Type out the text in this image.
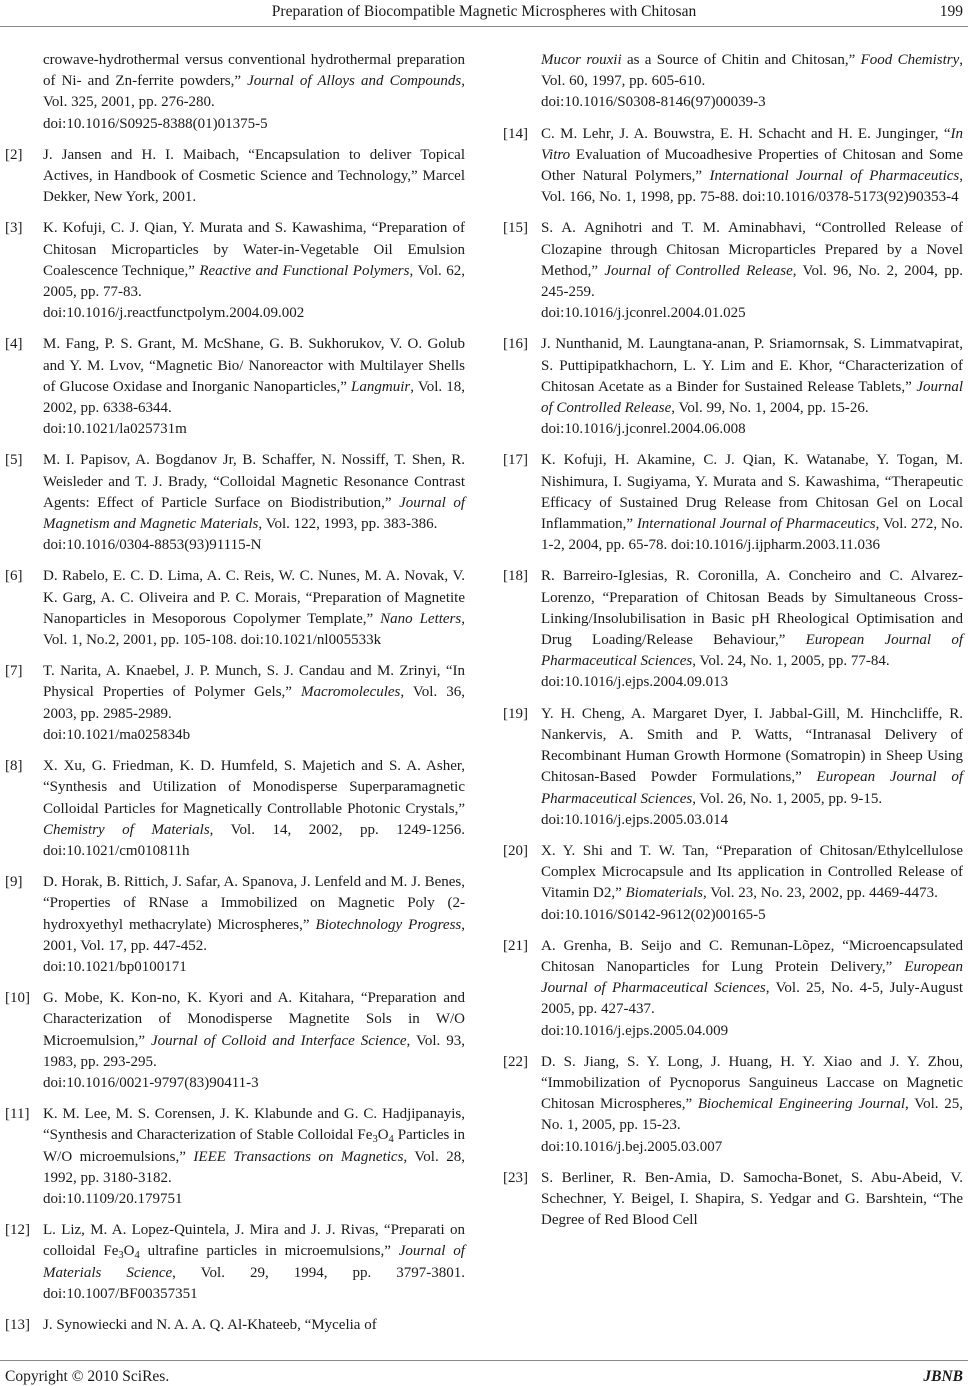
Preparation of Biocompatible Magnetic Microspheres with Chitosan	199
crowave-hydrothermal versus conventional hydrothermal preparation of Ni- and Zn-ferrite powders,” Journal of Alloys and Compounds, Vol. 325, 2001, pp. 276-280.
doi:10.1016/S0925-8388(01)01375-5
[2] J. Jansen and H. I. Maibach, “Encapsulation to deliver Topical Actives, in Handbook of Cosmetic Science and Technology,” Marcel Dekker, New York, 2001.
[3] K. Kofuji, C. J. Qian, Y. Murata and S. Kawashima, “Preparation of Chitosan Microparticles by Water-in-Vegetable Oil Emulsion Coalescence Technique,” Reactive and Functional Polymers, Vol. 62, 2005, pp. 77-83.
doi:10.1016/j.reactfunctpolym.2004.09.002
[4] M. Fang, P. S. Grant, M. McShane, G. B. Sukhorukov, V. O. Golub and Y. M. Lvov, “Magnetic Bio/ Nanoreactor with Multilayer Shells of Glucose Oxidase and Inorganic Nanoparticles,” Langmuir, Vol. 18, 2002, pp. 6338-6344.
doi:10.1021/la025731m
[5] M. I. Papisov, A. Bogdanov Jr, B. Schaffer, N. Nossiff, T. Shen, R. Weisleder and T. J. Brady, “Colloidal Magnetic Resonance Contrast Agents: Effect of Particle Surface on Biodistribution,” Journal of Magnetism and Magnetic Materials, Vol. 122, 1993, pp. 383-386.
doi:10.1016/0304-8853(93)91115-N
[6] D. Rabelo, E. C. D. Lima, A. C. Reis, W. C. Nunes, M. A. Novak, V. K. Garg, A. C. Oliveira and P. C. Morais, “Preparation of Magnetite Nanoparticles in Mesoporous Copolymer Template,” Nano Letters, Vol. 1, No.2, 2001, pp. 105-108. doi:10.1021/nl005533k
[7] T. Narita, A. Knaebel, J. P. Munch, S. J. Candau and M. Zrinyi, “In Physical Properties of Polymer Gels,” Macromolecules, Vol. 36, 2003, pp. 2985-2989.
doi:10.1021/ma025834b
[8] X. Xu, G. Friedman, K. D. Humfeld, S. Majetich and S. A. Asher, “Synthesis and Utilization of Monodisperse Superparamagnetic Colloidal Particles for Magnetically Controllable Photonic Crystals,” Chemistry of Materials, Vol. 14, 2002, pp. 1249-1256. doi:10.1021/cm010811h
[9] D. Horak, B. Rittich, J. Safar, A. Spanova, J. Lenfeld and M. J. Benes, “Properties of RNase a Immobilized on Magnetic Poly (2-hydroxyethyl methacrylate) Microspheres,” Biotechnology Progress, 2001, Vol. 17, pp. 447-452.
doi:10.1021/bp0100171
[10] G. Mobe, K. Kon-no, K. Kyori and A. Kitahara, “Preparation and Characterization of Monodisperse Magnetite Sols in W/O Microemulsion,” Journal of Colloid and Interface Science, Vol. 93, 1983, pp. 293-295.
doi:10.1016/0021-9797(83)90411-3
[11] K. M. Lee, M. S. Corensen, J. K. Klabunde and G. C. Hadjipanayis, “Synthesis and Characterization of Stable Colloidal $Fe_3O_4$ Particles in W/O microemulsions,” IEEE Transactions on Magnetics, Vol. 28, 1992, pp. 3180-3182.
doi:10.1109/20.179751
[12] L. Liz, M. A. Lopez-Quintela, J. Mira and J. J. Rivas, “Preparati on colloidal $Fe_3O_4$ ultrafine particles in microemulsions,” Journal of Materials Science, Vol. 29, 1994, pp. 3797-3801. doi:10.1007/BF00357351
[13] J. Synowiecki and N. A. A. Q. Al-Khateeb, “Mycelia of
Mucor rouxii as a Source of Chitin and Chitosan,” Food Chemistry, Vol. 60, 1997, pp. 605-610.
doi:10.1016/S0308-8146(97)00039-3
[14] C. M. Lehr, J. A. Bouwstra, E. H. Schacht and H. E. Junginger, “In Vitro Evaluation of Mucoadhesive Properties of Chitosan and Some Other Natural Polymers,” International Journal of Pharmaceutics, Vol. 166, No. 1, 1998, pp. 75-88. doi:10.1016/0378-5173(92)90353-4
[15] S. A. Agnihotri and T. M. Aminabhavi, “Controlled Release of Clozapine through Chitosan Microparticles Prepared by a Novel Method,” Journal of Controlled Release, Vol. 96, No. 2, 2004, pp. 245-259.
doi:10.1016/j.jconrel.2004.01.025
[16] J. Nunthanid, M. Laungtana-anan, P. Sriamornsak, S. Limmatvapirat, S. Puttipipatkhachorn, L. Y. Lim and E. Khor, “Characterization of Chitosan Acetate as a Binder for Sustained Release Tablets,” Journal of Controlled Release, Vol. 99, No. 1, 2004, pp. 15-26.
doi:10.1016/j.jconrel.2004.06.008
[17] K. Kofuji, H. Akamine, C. J. Qian, K. Watanabe, Y. Togan, M. Nishimura, I. Sugiyama, Y. Murata and S. Kawashima, “Therapeutic Efficacy of Sustained Drug Release from Chitosan Gel on Local Inflammation,” International Journal of Pharmaceutics, Vol. 272, No. 1-2, 2004, pp. 65-78. doi:10.1016/j.ijpharm.2003.11.036
[18] R. Barreiro-Iglesias, R. Coronilla, A. Concheiro and C. Alvarez-Lorenzo, “Preparation of Chitosan Beads by Simultaneous Cross-Linking/Insolubilisation in Basic pH Rheological Optimisation and Drug Loading/Release Behaviour,” European Journal of Pharmaceutical Sciences, Vol. 24, No. 1, 2005, pp. 77-84.
doi:10.1016/j.ejps.2004.09.013
[19] Y. H. Cheng, A. Margaret Dyer, I. Jabbal-Gill, M. Hinchcliffe, R. Nankervis, A. Smith and P. Watts, “Intranasal Delivery of Recombinant Human Growth Hormone (Somatropin) in Sheep Using Chitosan-Based Powder Formulations,” European Journal of Pharmaceutical Sciences, Vol. 26, No. 1, 2005, pp. 9-15.
doi:10.1016/j.ejps.2005.03.014
[20] X. Y. Shi and T. W. Tan, “Preparation of Chitosan/Ethylcellulose Complex Microcapsule and Its application in Controlled Release of Vitamin D2,” Biomaterials, Vol. 23, No. 23, 2002, pp. 4469-4473.
doi:10.1016/S0142-9612(02)00165-5
[21] A. Grenha, B. Seijo and C. Remunan-Lõpez, “Microencapsulated Chitosan Nanoparticles for Lung Protein Delivery,” European Journal of Pharmaceutical Sciences, Vol. 25, No. 4-5, July-August 2005, pp. 427-437.
doi:10.1016/j.ejps.2005.04.009
[22] D. S. Jiang, S. Y. Long, J. Huang, H. Y. Xiao and J. Y. Zhou, “Immobilization of Pycnoporus Sanguineus Laccase on Magnetic Chitosan Microspheres,” Biochemical Engineering Journal, Vol. 25, No. 1, 2005, pp. 15-23.
doi:10.1016/j.bej.2005.03.007
[23] S. Berliner, R. Ben-Amia, D. Samocha-Bonet, S. Abu-Abeid, V. Schechner, Y. Beigel, I. Shapira, S. Yedgar and G. Barshtein, “The Degree of Red Blood Cell
Copyright © 2010 SciRes.	JBNB
